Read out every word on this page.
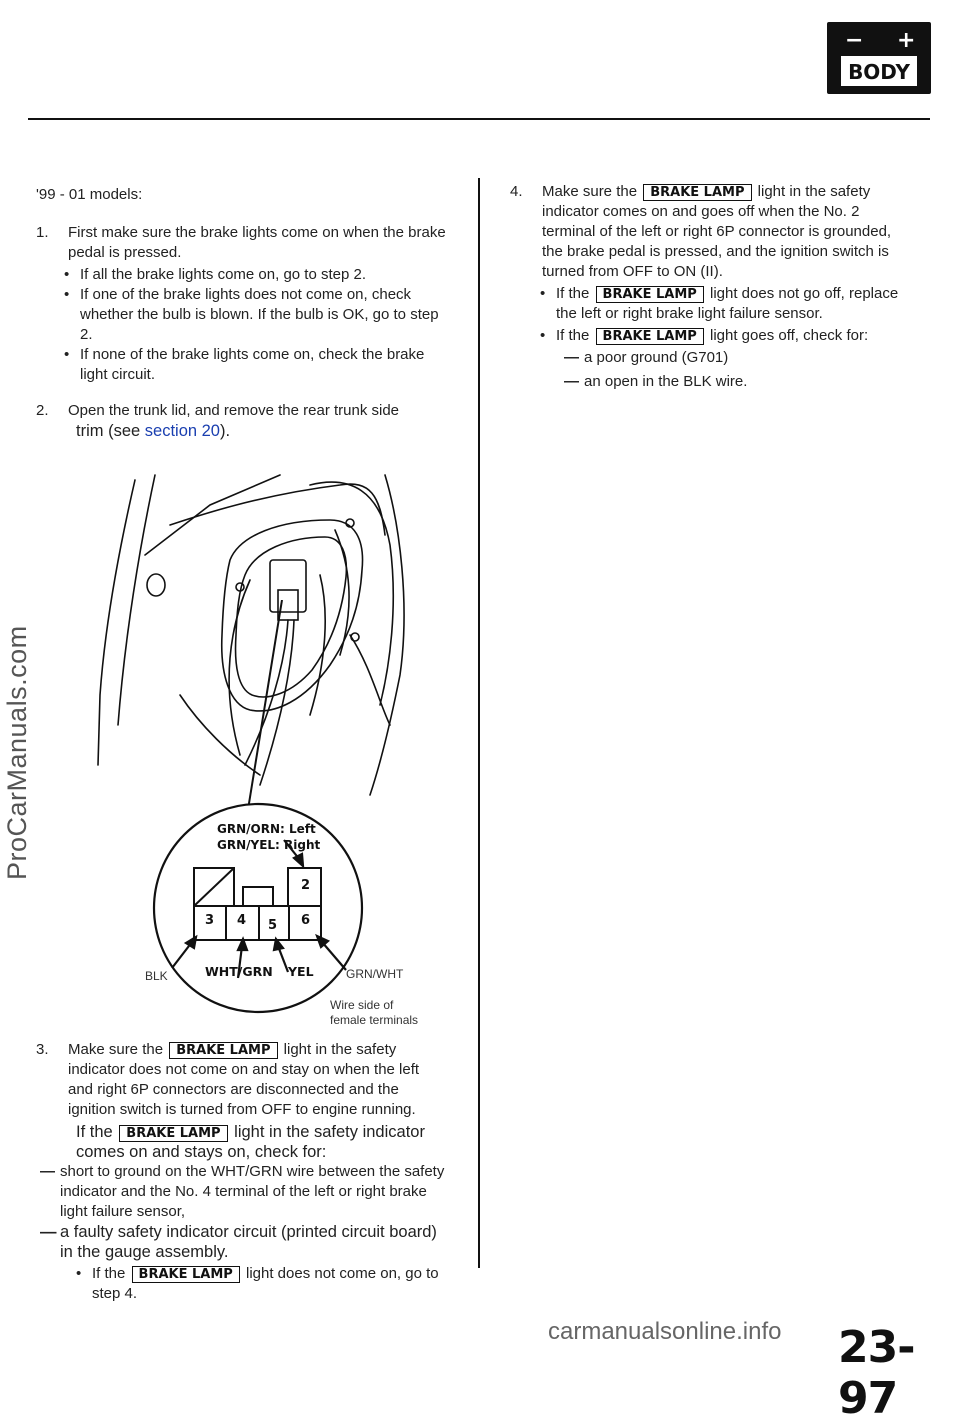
− +
BODY

'99 - 01 models:

1.	First make sure the brake lights come on when the brake pedal is pressed.
• If all the brake lights come on, go to step 2.
• If one of the brake lights does not come on, check whether the bulb is blown. If the bulb is OK, go to step 2.
• If none of the brake lights come on, check the brake light circuit.
2.	Open the trunk lid, and remove the rear trunk side
trim (see section 20).
GRN/ORN: Left
GRN/YEL: Right
2
3 4 5 6
BLK	WHT/GRN YEL	GRN/WHT
Wire side of
female terminals
3.	Make sure the BRAKE LAMP light in the safety indicator does not come on and stay on when the left and right 6P connectors are disconnected and the ignition switch is turned from OFF to engine running.
If the BRAKE LAMP light in the safety indicator comes on and stays on, check for:
— short to ground on the WHT/GRN wire between the safety indicator and the No. 4 terminal of the left or right brake light failure sensor,
— a faulty safety indicator circuit (printed circuit board) in the gauge assembly.
• If the BRAKE LAMP light does not come on, go to step 4.
4.	Make sure the BRAKE LAMP light in the safety indicator comes on and goes off when the No. 2 terminal of the left or right 6P connector is grounded, the brake pedal is pressed, and the ignition switch is turned from OFF to ON (II).
• If the BRAKE LAMP light does not go off, replace the left or right brake light failure sensor.
• If the BRAKE LAMP light goes off, check for:
— a poor ground (G701)
— an open in the BLK wire.
ProCarManuals.com
carmanualsonline.info 23-97
